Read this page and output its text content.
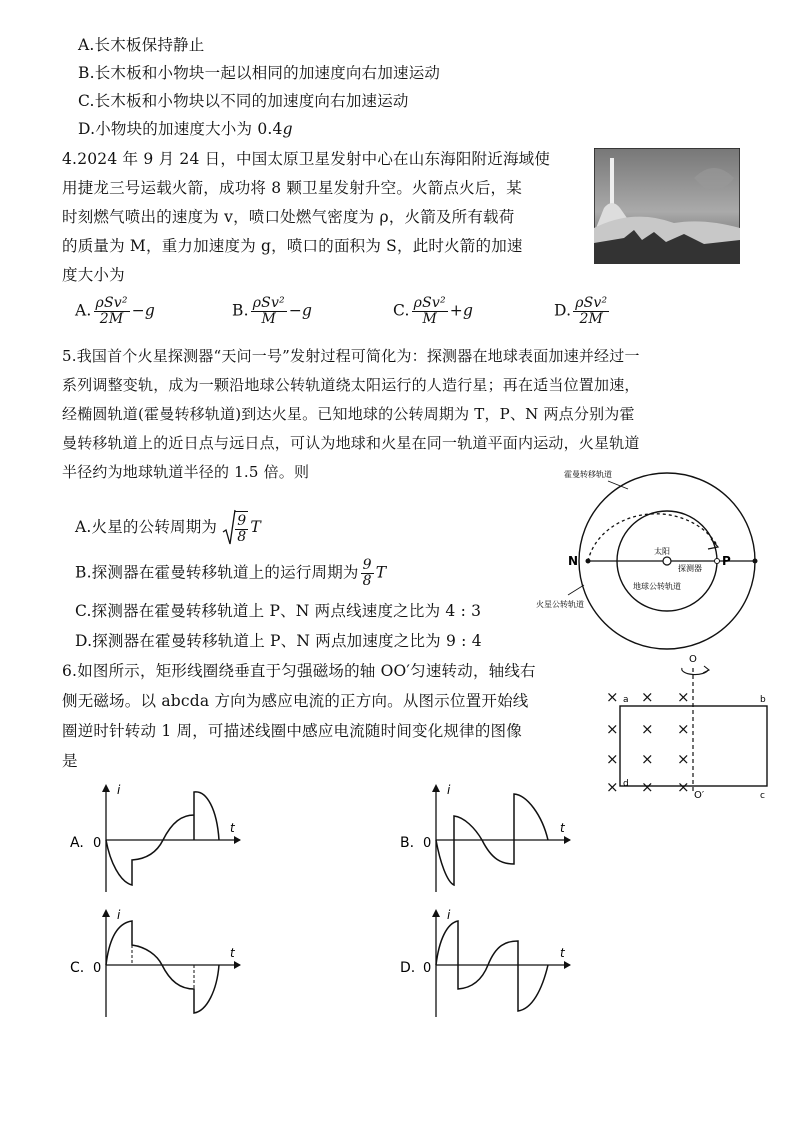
A.长木板保持静止
B.长木板和小物块一起以相同的加速度向右加速运动
C.长木板和小物块以不同的加速度向右加速运动
D.小物块的加速度大小为 0.4g
4.2024 年 9 月 24 日，中国太原卫星发射中心在山东海阳附近海域使
用捷龙三号运载火箭，成功将 8 颗卫星发射升空。火箭点火后，某
时刻燃气喷出的速度为 v，喷口处燃气密度为 ρ，火箭及所有载荷
的质量为 M，重力加速度为 g，喷口的面积为 S，此时火箭的加速
度大小为
A. $\frac{\text{ρSv²}}{2M} -g$	B. $\frac{\text{ρSv²}}{M} -g$	C. $\frac{\text{ρSv²}}{M} +g$	D. $\frac{\text{ρSv²}}{2M}$
5.我国首个火星探测器“天问一号”发射过程可简化为：探测器在地球表面加速并经过一
系列调整变轨，成为一颗沿地球公转轨道绕太阳运行的人造行星；再在适当位置加速，
经椭圆轨道(霍曼转移轨道)到达火星。已知地球的公转周期为 T，P、N 两点分别为霍
曼转移轨道上的近日点与远日点，可认为地球和火星在同一轨道平面内运动，火星轨道
半径约为地球轨道半径的 1.5 倍。则
A.火星的公转周期为 $\frac{9}{8}$ T
B.探测器在霍曼转移轨道上的运行周期为 $\frac{9}{8}$ T
C.探测器在霍曼转移轨道上 P、N 两点线速度之比为 4 : 3
D.探测器在霍曼转移轨道上 P、N 两点加速度之比为 9 : 4
N	P
太阳
探测器
地球公转轨道
霍曼转移轨道
火星公转轨道
6.如图所示，矩形线圈绕垂直于匀强磁场的轴 OO′匀速转动，轴线右
侧无磁场。以 abcda 方向为感应电流的正方向。从图示位置开始线
圈逆时针转动 1 周，可描述线圈中感应电流随时间变化规律的图像
是
× × ×
× × ×
× × ×
× × ×
a	b
c
d
O
O′
A. 0
i
t
B. 0
i
t
C. 0
i
t
D. 0
i
t
